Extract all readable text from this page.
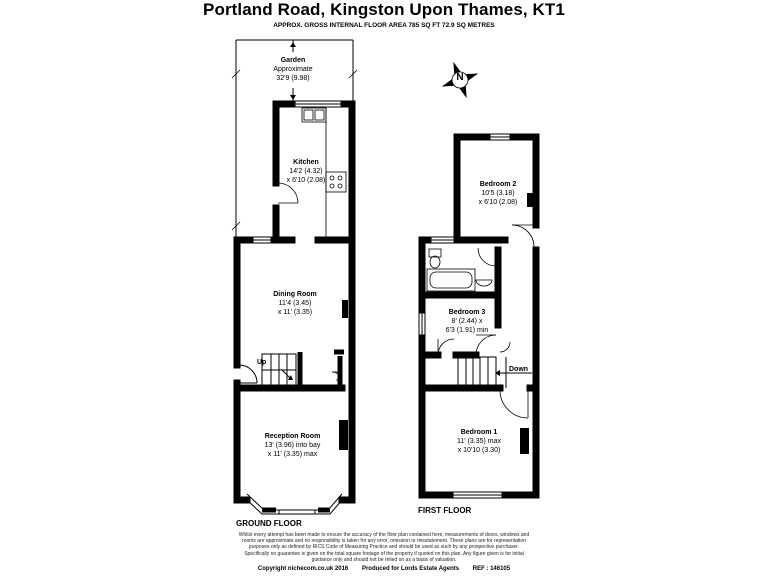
Portland Road, Kingston Upon Thames, KT1
APPROX. GROSS INTERNAL FLOOR AREA 785 SQ FT 72.9 SQ METRES
N
Garden
Approximate
32'9 (9.98)
Kitchen
14'2 (4.32)
x 6'10 (2.08)
Dining Room
11'4 (3.45)
x 11' (3.35)
Reception Room
13' (3.96) into bay
x 11' (3.35) max
Up
Bedroom 2
10'5 (3.18)
x 6'10 (2.08)
Bedroom 3
8' (2.44) x
6'3 (1.91) min
Bedroom 1
11' (3.35) max
x 10'10 (3.30)
Down
GROUND FLOOR
FIRST FLOOR
Whilst every attempt has been made to ensure the accuracy of the floor plan contained here, measurements of doors, windows and
rooms are approximate and no responsibility is taken for any error, omission or misstatement. These plans are for representation
purposes only as defined by RICS Code of Measuring Practice and should be used as such by any prospective purchaser.
Specifically no guarantee is given on the total square footage of the property if quoted on this plan. Any figure given is for initial
guidance only and should not be relied on as a basis of valuation.
Copyright nichecom.co.uk 2016 Produced for Lords Estate Agents REF : 146105
